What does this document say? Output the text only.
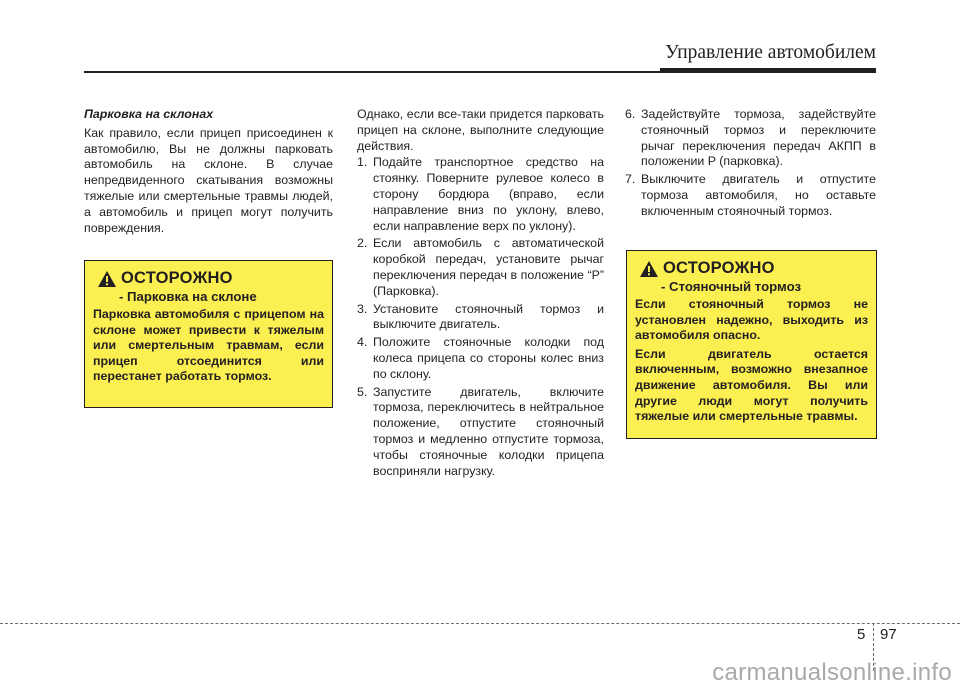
Управление автомобилем

Парковка на склонах

Как правило, если прицеп присоединен к автомобилю, Вы не должны парковать автомобиль на склоне. В случае непредвиденного скатывания возможны тяжелые или смертельные травмы людей, а автомобиль и прицеп могут получить повреждения.

ОСТОРОЖНО
- Парковка на склоне

Парковка автомобиля с прицепом на склоне может привести к тяжелым или смертельным травмам, если прицеп отсоединится или перестанет работать тормоз.

Однако, если все-таки придется парковать прицеп на склоне, выполните следующие действия.

1. Подайте транспортное средство на стоянку. Поверните рулевое колесо в сторону бордюра (вправо, если направление вниз по уклону, влево, если направление верх по уклону).
2. Если автомобиль с автоматической коробкой передач, установите рычаг переключения передач в положение “P” (Парковка).
3. Установите стояночный тормоз и выключите двигатель.
4. Положите стояночные колодки под колеса прицепа со стороны колес вниз по склону.
5. Запустите двигатель, включите тормоза, переключитесь в нейтральное положение, отпустите стояночный тормоз и медленно отпустите тормоза, чтобы стояночные колодки прицепа восприняли нагрузку.
6. Задействуйте тормоза, задействуйте стояночный тормоз и переключите рычаг переключения передач АКПП в положении P (парковка).
7. Выключите двигатель и отпустите тормоза автомобиля, но оставьте включенным стояночный тормоз.
ОСТОРОЖНО
- Стояночный тормоз

Если стояночный тормоз не установлен надежно, выходить из автомобиля опасно.

Если двигатель остается включенным, возможно внезапное движение автомобиля. Вы или другие люди могут получить тяжелые или смертельные травмы.

5 97
carmanualsonline.info
